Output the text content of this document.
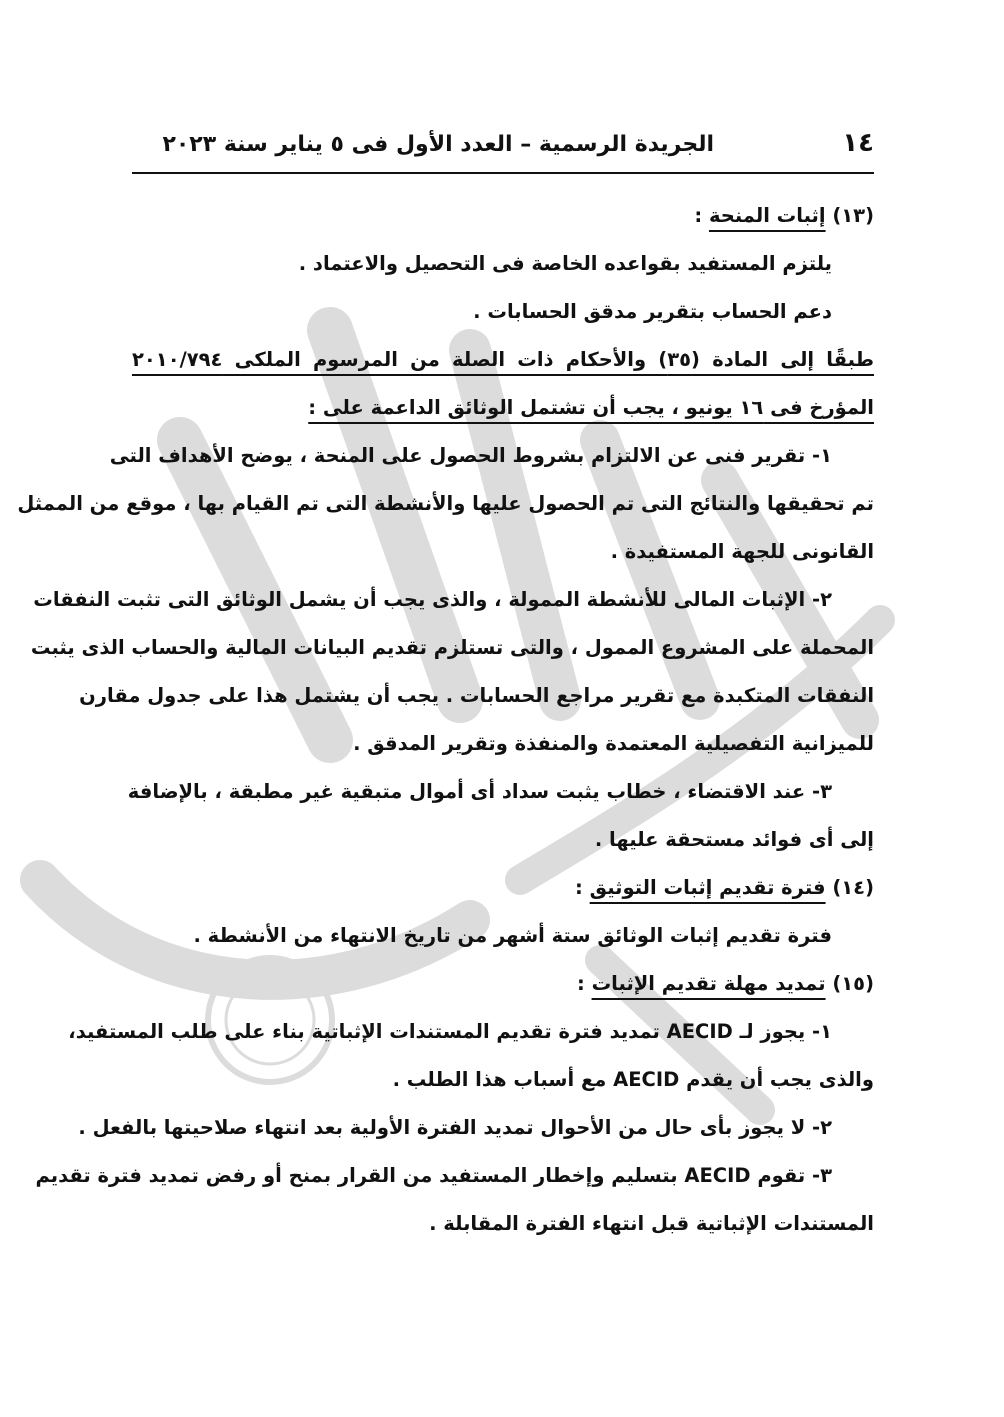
١٤
الجريدة الرسمية – العدد الأول فى ٥ يناير سنة ٢٠٢٣
(١٣) إثبات المنحة :
يلتزم المستفيد بقواعده الخاصة فى التحصيل والاعتماد .
دعم الحساب بتقرير مدقق الحسابات .
طبقًا إلى المادة (٣٥) والأحكام ذات الصلة من المرسوم الملكى ٢٠١٠/٧٩٤
المؤرخ فى ١٦ يونيو ، يجب أن تشتمل الوثائق الداعمة على :
١- تقرير فنى عن الالتزام بشروط الحصول على المنحة ، يوضح الأهداف التى
تم تحقيقها والنتائج التى تم الحصول عليها والأنشطة التى تم القيام بها ، موقع من الممثل
القانونى للجهة المستفيدة .
٢- الإثبات المالى للأنشطة الممولة ، والذى يجب أن يشمل الوثائق التى تثبت النفقات
المحملة على المشروع الممول ، والتى تستلزم تقديم البيانات المالية والحساب الذى يثبت
النفقات المتكبدة مع تقرير مراجع الحسابات . يجب أن يشتمل هذا على جدول مقارن
للميزانية التفصيلية المعتمدة والمنفذة وتقرير المدقق .
٣- عند الاقتضاء ، خطاب يثبت سداد أى أموال متبقية غير مطبقة ، بالإضافة
إلى أى فوائد مستحقة عليها .
(١٤) فترة تقديم إثبات التوثيق :
فترة تقديم إثبات الوثائق ستة أشهر من تاريخ الانتهاء من الأنشطة .
(١٥) تمديد مهلة تقديم الإثبات :
١- يجوز لـ AECID تمديد فترة تقديم المستندات الإثباتية بناء على طلب المستفيد،
والذى يجب أن يقدم AECID مع أسباب هذا الطلب .
٢- لا يجوز بأى حال من الأحوال تمديد الفترة الأولية بعد انتهاء صلاحيتها بالفعل .
٣- تقوم AECID بتسليم وإخطار المستفيد من القرار بمنح أو رفض تمديد فترة تقديم
المستندات الإثباتية قبل انتهاء الفترة المقابلة .
